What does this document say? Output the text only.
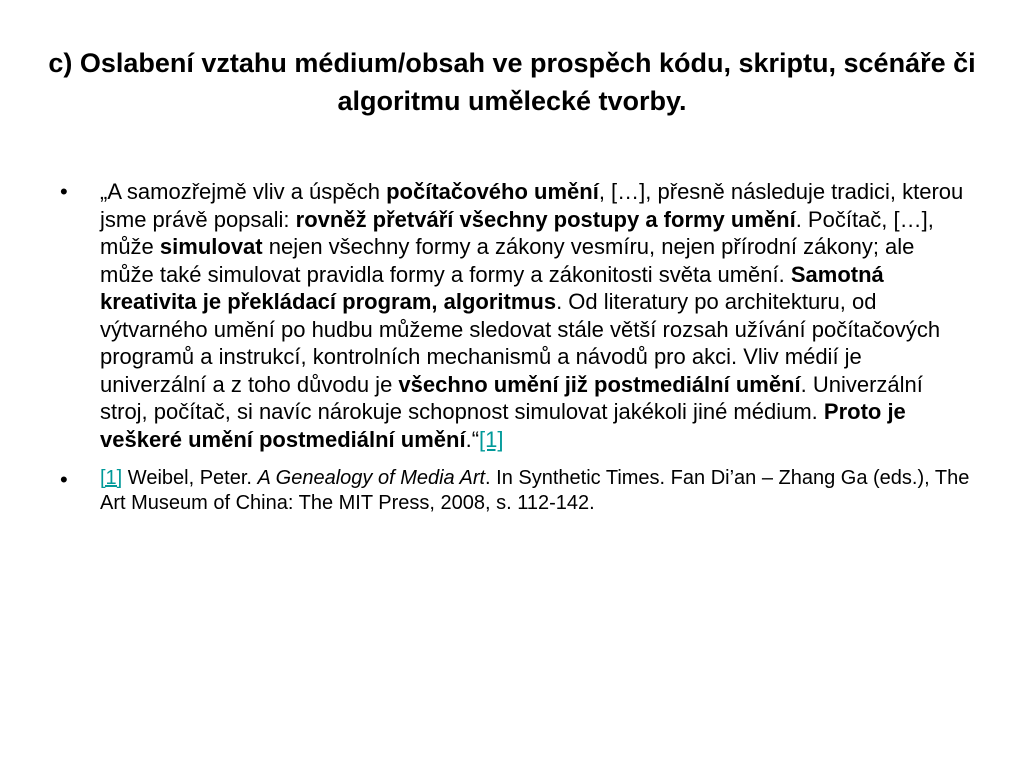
c) Oslabení vztahu médium/obsah ve prospěch kódu, skriptu, scénáře či algoritmu umělecké tvorby.
•	„A samozřejmě vliv a úspěch počítačového umění, […], přesně následuje tradici, kterou jsme právě popsali: rovněž přetváří všechny postupy a formy umění. Počítač, […], může simulovat nejen všechny formy a zákony vesmíru, nejen přírodní zákony; ale může také simulovat pravidla formy a formy a zákonitosti světa umění. Samotná kreativita je překládací program, algoritmus. Od literatury po architekturu, od výtvarného umění po hudbu můžeme sledovat stále větší rozsah užívání počítačových programů a instrukcí, kontrolních mechanismů a návodů pro akci. Vliv médií je univerzální a z toho důvodu je všechno umění již postmediální umění. Univerzální stroj, počítač, si navíc nárokuje schopnost simulovat jakékoli jiné médium. Proto je veškeré umění postmediální umění.“[1]
•	[1] Weibel, Peter. A Genealogy of Media Art. In Synthetic Times. Fan Di’an – Zhang Ga (eds.), The Art Museum of China: The MIT Press, 2008, s. 112-142.
